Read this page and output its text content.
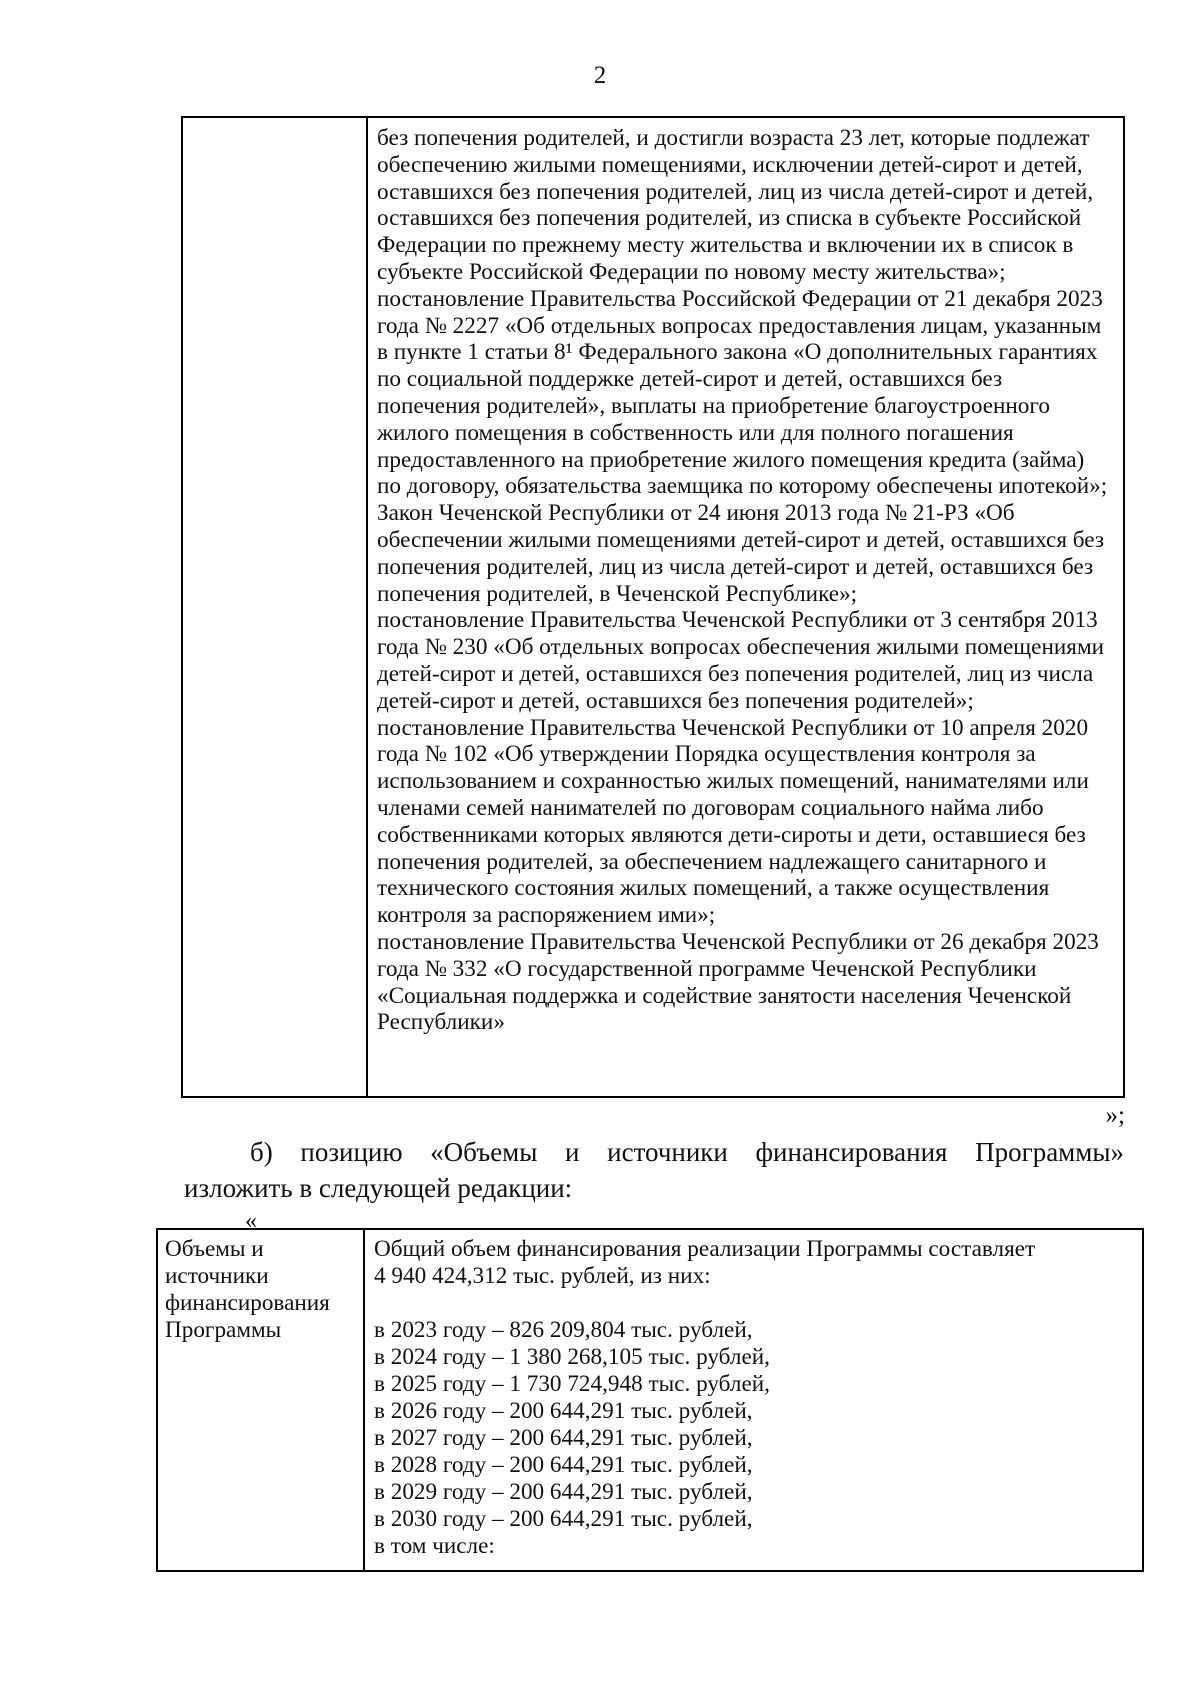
2

без попечения родителей, и достигли возраста 23 лет, которые подлежат обеспечению жилыми помещениями, исключении детей-сирот и детей, оставшихся без попечения родителей, лиц из числа детей-сирот и детей, оставшихся без попечения родителей, из списка в субъекте Российской Федерации по прежнему месту жительства и включении их в список в субъекте Российской Федерации по новому месту жительства»;

постановление Правительства Российской Федерации от 21 декабря 2023 года № 2227 «Об отдельных вопросах предоставления лицам, указанным в пункте 1 статьи 8¹ Федерального закона «О дополнительных гарантиях по социальной поддержке детей-сирот и детей, оставшихся без попечения родителей», выплаты на приобретение благоустроенного жилого помещения в собственность или для полного погашения предоставленного на приобретение жилого помещения кредита (займа) по договору, обязательства заемщика по которому обеспечены ипотекой»;

Закон Чеченской Республики от 24 июня 2013 года № 21-РЗ «Об обеспечении жилыми помещениями детей-сирот и детей, оставшихся без попечения родителей, лиц из числа детей-сирот и детей, оставшихся без попечения родителей, в Чеченской Республике»;

постановление Правительства Чеченской Республики от 3 сентября 2013 года № 230 «Об отдельных вопросах обеспечения жилыми помещениями детей-сирот и детей, оставшихся без попечения родителей, лиц из числа детей-сирот и детей, оставшихся без попечения родителей»;

постановление Правительства Чеченской Республики от 10 апреля 2020 года № 102 «Об утверждении Порядка осуществления контроля за использованием и сохранностью жилых помещений, нанимателями или членами семей нанимателей по договорам социального найма либо собственниками которых являются дети-сироты и дети, оставшиеся без попечения родителей, за обеспечением надлежащего санитарного и технического состояния жилых помещений, а также осуществления контроля за распоряжением ими»;

постановление Правительства Чеченской Республики от 26 декабря 2023 года № 332 «О государственной программе Чеченской Республики «Социальная поддержка и содействие занятости населения Чеченской Республики»

»;
б) позицию «Объемы и источники финансирования Программы»
изложить в следующей редакции:
«
Объемы и
источники
финансирования
Программы
Общий объем финансирования реализации Программы составляет
4 940 424,312 тыс. рублей, из них:
в 2023 году – 826 209,804 тыс. рублей,
в 2024 году – 1 380 268,105 тыс. рублей,
в 2025 году – 1 730 724,948 тыс. рублей,
в 2026 году – 200 644,291 тыс. рублей,
в 2027 году – 200 644,291 тыс. рублей,
в 2028 году – 200 644,291 тыс. рублей,
в 2029 году – 200 644,291 тыс. рублей,
в 2030 году – 200 644,291 тыс. рублей,
в том числе:
